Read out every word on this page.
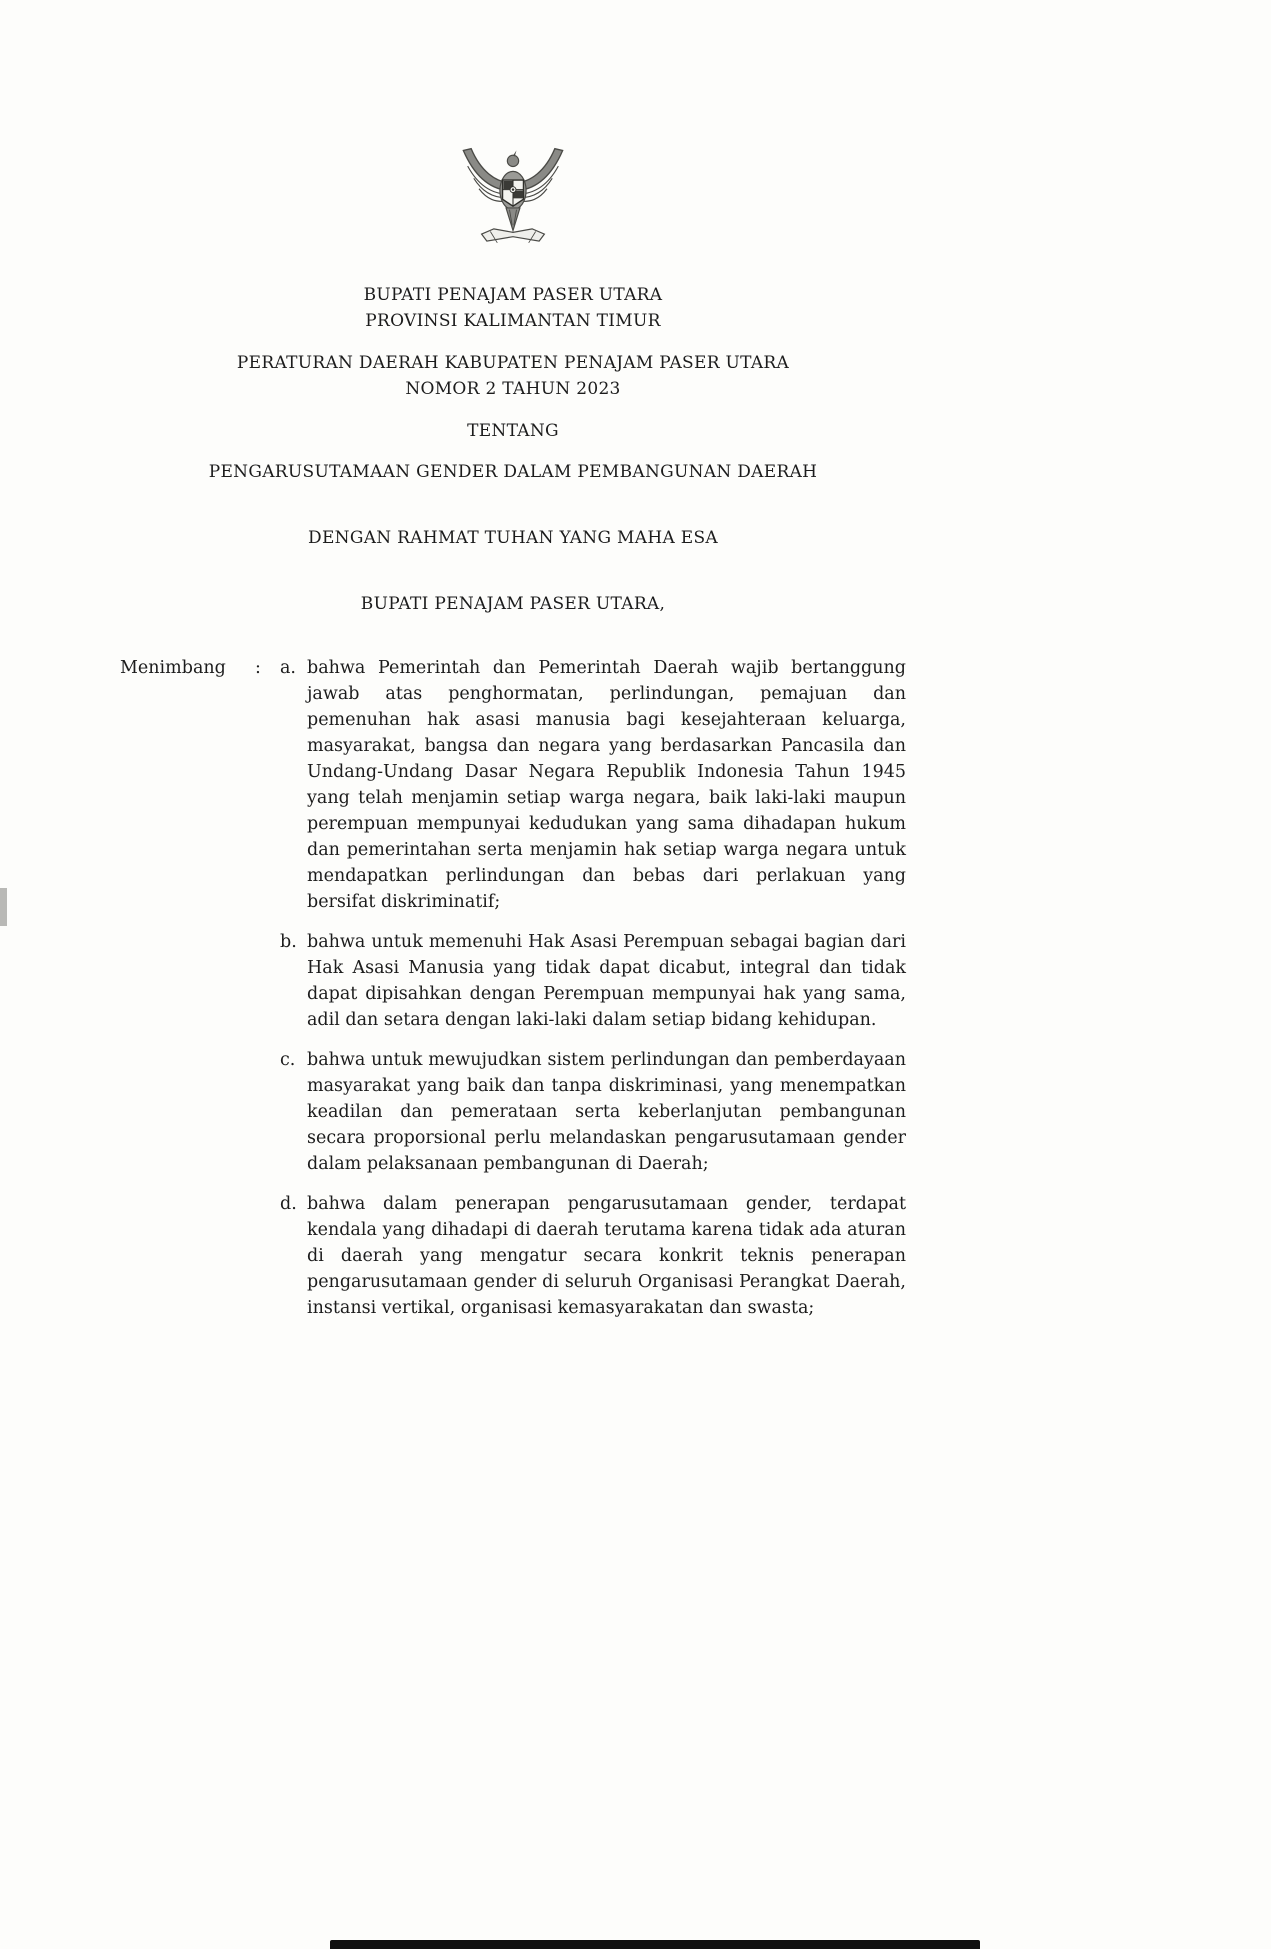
BUPATI PENAJAM PASER UTARA
PROVINSI KALIMANTAN TIMUR
PERATURAN DAERAH KABUPATEN PENAJAM PASER UTARA
NOMOR 2 TAHUN 2023
TENTANG
PENGARUSUTAMAAN GENDER DALAM PEMBANGUNAN DAERAH
DENGAN RAHMAT TUHAN YANG MAHA ESA
BUPATI PENAJAM PASER UTARA,
Menimbang	:	a. bahwa Pemerintah dan Pemerintah Daerah wajib bertanggung jawab atas penghormatan, perlindungan, pemajuan dan pemenuhan hak asasi manusia bagi kesejahteraan keluarga, masyarakat, bangsa dan negara yang berdasarkan Pancasila dan Undang-Undang Dasar Negara Republik Indonesia Tahun 1945 yang telah menjamin setiap warga negara, baik laki-laki maupun perempuan mempunyai kedudukan yang sama dihadapan hukum dan pemerintahan serta menjamin hak setiap warga negara untuk mendapatkan perlindungan dan bebas dari perlakuan yang bersifat diskriminatif;
b. bahwa untuk memenuhi Hak Asasi Perempuan sebagai bagian dari Hak Asasi Manusia yang tidak dapat dicabut, integral dan tidak dapat dipisahkan dengan Perempuan mempunyai hak yang sama, adil dan setara dengan laki-laki dalam setiap bidang kehidupan.
c. bahwa untuk mewujudkan sistem perlindungan dan pemberdayaan masyarakat yang baik dan tanpa diskriminasi, yang menempatkan keadilan dan pemerataan serta keberlanjutan pembangunan secara proporsional perlu melandaskan pengarusutamaan gender dalam pelaksanaan pembangunan di Daerah;
d. bahwa dalam penerapan pengarusutamaan gender, terdapat kendala yang dihadapi di daerah terutama karena tidak ada aturan di daerah yang mengatur secara konkrit teknis penerapan pengarusutamaan gender di seluruh Organisasi Perangkat Daerah, instansi vertikal, organisasi kemasyarakatan dan swasta;
